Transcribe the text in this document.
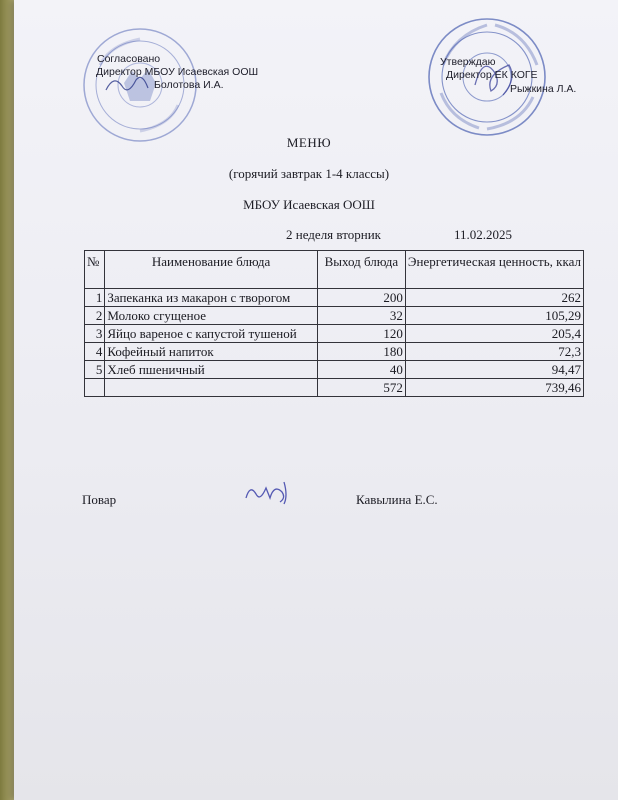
Согласовано
Директор МБОУ Исаевская ООШ
Болотова И.А.
Утверждаю
Директор ЕК КОГЕ
Рыжкина Л.А.
МЕНЮ
(горячий завтрак 1-4 классы)
МБОУ Исаевская ООШ
2 неделя вторник	11.02.2025
№	Наименование блюда	Выход блюда	Энергетическая ценность, ккал
1	Запеканка из макарон с творогом	200	262
2	Молоко сгущеное	32	105,29
3	Яйцо вареное с капустой тушеной	120	205,4
4	Кофейный напиток	180	72,3
5	Хлеб пшеничный	40	94,47
		572	739,46
Повар	Кавылина Е.С.
